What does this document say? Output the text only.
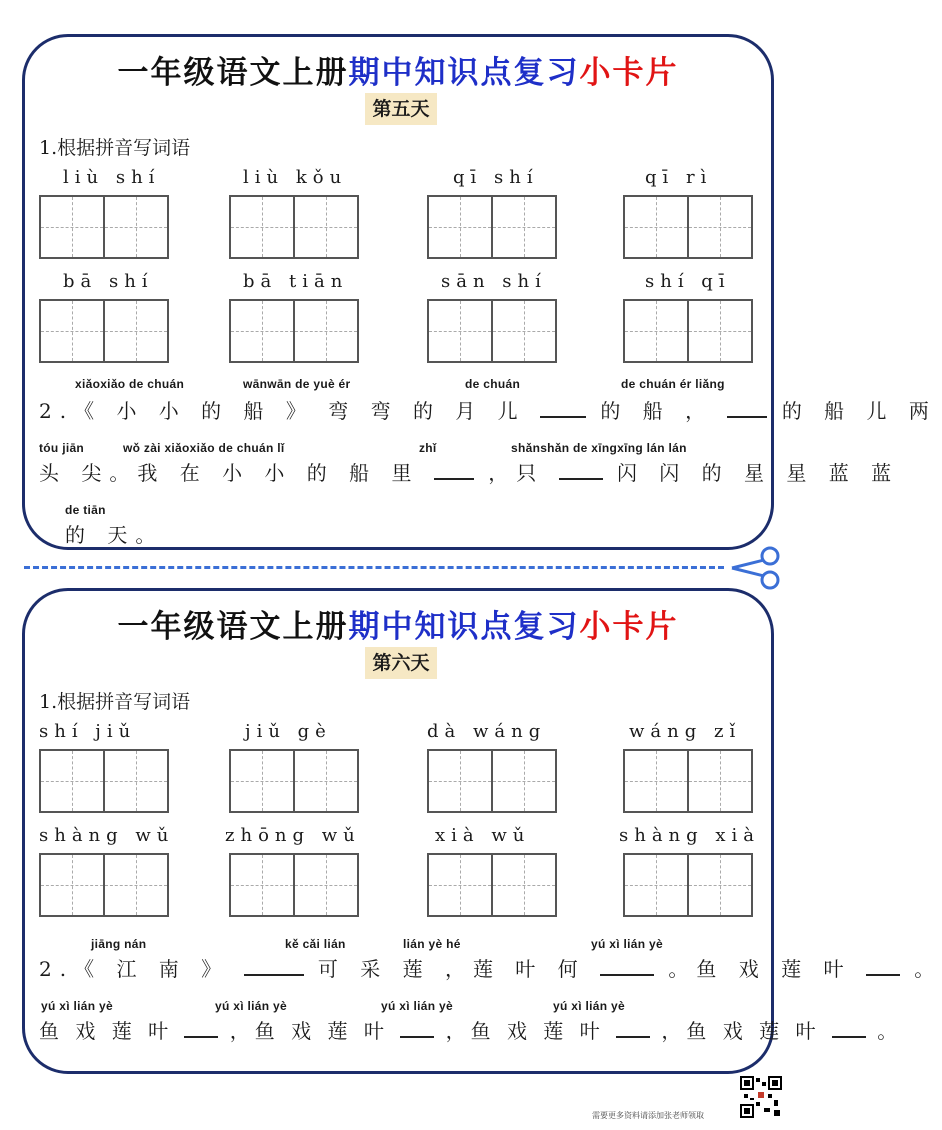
一年级语文上册期中知识点复习小卡片
第五天
1.根据拼音写词语
liù shí	liù kǒu	qī shí	qī rì
bā shí	bā tiān	sān shí	shí qī
xiǎoxiǎo de chuán	wānwān de yuè ér	de chuán	de chuán ér liǎng
2.《 小 小 的 船 》 弯 弯 的 月 儿	的 船 ，	的 船 儿 两
tóu jiān	wǒ zài xiǎoxiǎo de chuán lǐ	zhǐ	shǎnshǎn de xīngxīng lán lán
头 尖。我 在 小 小 的 船 里	，只	闪 闪 的 星 星 蓝 蓝
de tiān
的 天。
一年级语文上册期中知识点复习小卡片
第六天
1.根据拼音写词语
shí jiǔ	jiǔ gè	dà wáng	wáng zǐ
shàng wǔ	zhōng wǔ	xià wǔ	shàng xià
jiāng nán	kě cǎi lián	lián yè hé	yú xì lián yè
2.《 江 南 》	可 采 莲 ，莲 叶 何	。鱼 戏 莲 叶	。
yú xì lián yè	yú xì lián yè	yú xì lián yè	yú xì lián yè
鱼 戏 莲 叶	，鱼 戏 莲 叶	，鱼 戏 莲 叶	，鱼 戏 莲 叶	。
需要更多资料请添加张老师领取
